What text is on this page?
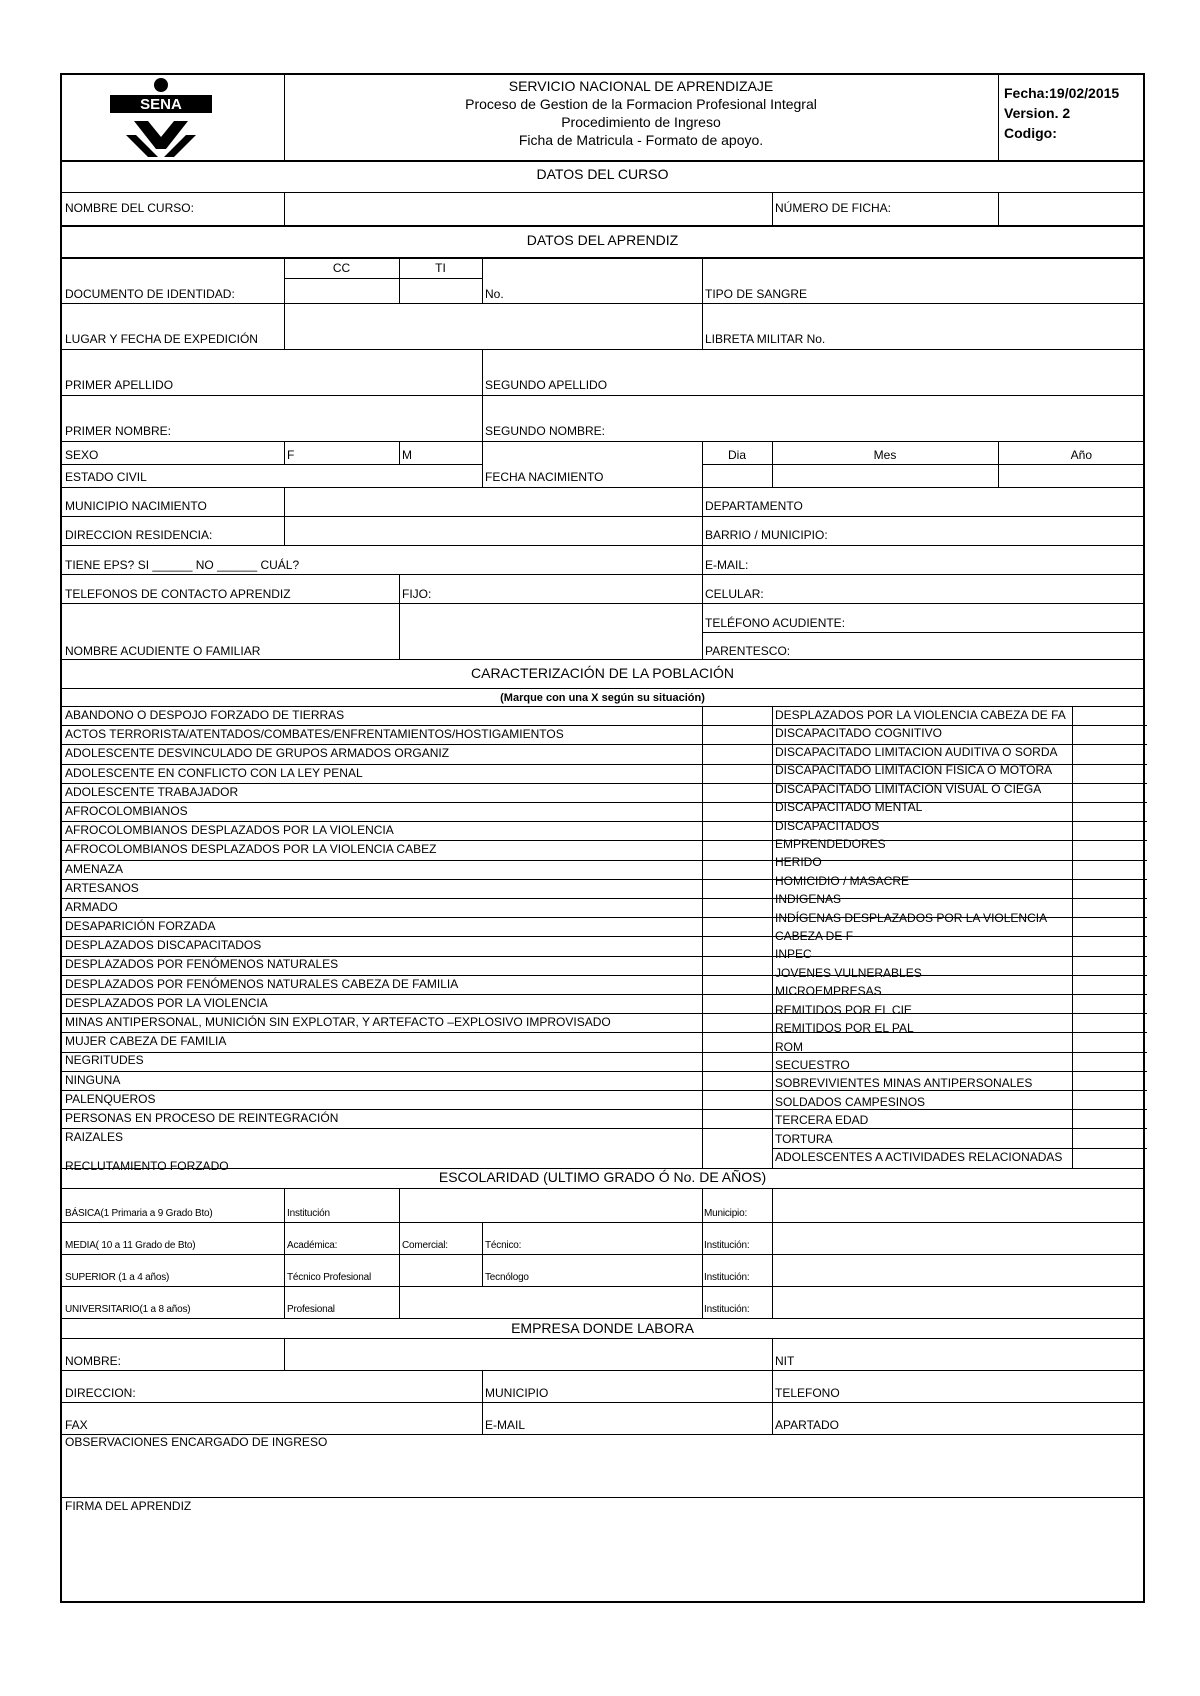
SENA
SERVICIO NACIONAL DE APRENDIZAJE
Proceso de Gestion de la Formacion Profesional Integral
Procedimiento de Ingreso
Ficha de Matricula - Formato de apoyo.
Fecha:19/02/2015
Version. 2
Codigo:
DATOS DEL CURSO
NOMBRE DEL CURSO:	NÚMERO DE FICHA:
DATOS DEL APRENDIZ
CC	TI
DOCUMENTO DE IDENTIDAD:	No.	TIPO DE SANGRE
LUGAR Y FECHA DE EXPEDICIÓN	LIBRETA MILITAR No.
PRIMER APELLIDO	SEGUNDO APELLIDO
PRIMER NOMBRE:	SEGUNDO NOMBRE:
SEXO	F	M	Dia	Mes	Año
ESTADO CIVIL	FECHA NACIMIENTO
MUNICIPIO NACIMIENTO	DEPARTAMENTO
DIRECCION RESIDENCIA:	BARRIO / MUNICIPIO:
TIENE EPS? SI ______ NO ______ CUÁL?	E-MAIL:
TELEFONOS DE CONTACTO APRENDIZ	FIJO:	CELULAR:
TELÉFONO ACUDIENTE:
NOMBRE ACUDIENTE O FAMILIAR	PARENTESCO:
CARACTERIZACIÓN DE LA POBLACIÓN
(Marque con una X según su situación)
ABANDONO O DESPOJO FORZADO DE TIERRAS
ACTOS TERRORISTA/ATENTADOS/COMBATES/ENFRENTAMIENTOS/HOSTIGAMIENTOS
ADOLESCENTE DESVINCULADO DE GRUPOS ARMADOS ORGANIZ
ADOLESCENTE EN CONFLICTO CON LA LEY PENAL
ADOLESCENTE TRABAJADOR
AFROCOLOMBIANOS
AFROCOLOMBIANOS DESPLAZADOS POR LA VIOLENCIA
AFROCOLOMBIANOS DESPLAZADOS POR LA VIOLENCIA CABEZ
AMENAZA
ARTESANOS
ARMADO
DESAPARICIÓN FORZADA
DESPLAZADOS DISCAPACITADOS
DESPLAZADOS POR FENÓMENOS NATURALES
DESPLAZADOS POR FENÓMENOS NATURALES CABEZA DE FAMILIA
DESPLAZADOS POR LA VIOLENCIA
MINAS ANTIPERSONAL, MUNICIÓN SIN EXPLOTAR, Y ARTEFACTO –EXPLOSIVO IMPROVISADO
MUJER CABEZA DE FAMILIA
NEGRITUDES
NINGUNA
PALENQUEROS
PERSONAS EN PROCESO DE REINTEGRACIÓN
RAIZALES
RECLUTAMIENTO FORZADO
DESPLAZADOS POR LA VIOLENCIA CABEZA DE FA
DISCAPACITADO COGNITIVO
DISCAPACITADO LIMITACION AUDITIVA O SORDA
DISCAPACITADO LIMITACION FISICA O MOTORA
DISCAPACITADO LIMITACION VISUAL O CIEGA
DISCAPACITADO MENTAL
DISCAPACITADOS
EMPRENDEDORES
HERIDO
HOMICIDIO / MASACRE
INDIGENAS
INDÍGENAS DESPLAZADOS POR LA VIOLENCIA
CABEZA DE F
INPEC
JOVENES VULNERABLES
MICROEMPRESAS
REMITIDOS POR EL CIE
REMITIDOS POR EL PAL
ROM
SECUESTRO
SOBREVIVIENTES MINAS ANTIPERSONALES
SOLDADOS CAMPESINOS
TERCERA EDAD
TORTURA
ADOLESCENTES A ACTIVIDADES RELACIONADAS
ESCOLARIDAD (ULTIMO GRADO Ó No. DE AÑOS)
BÁSICA(1 Primaria a 9 Grado Bto)	Institución	Municipio:
MEDIA( 10 a 11 Grado de Bto)	Académica:	Comercial:	Técnico:	Institución:
SUPERIOR (1 a 4 años)	Técnico Profesional	Tecnólogo	Institución:
UNIVERSITARIO(1 a 8 años)	Profesional	Institución:
EMPRESA DONDE LABORA
NOMBRE:	NIT
DIRECCION:	MUNICIPIO	TELEFONO
FAX	E-MAIL	APARTADO
OBSERVACIONES ENCARGADO DE INGRESO
FIRMA DEL APRENDIZ
